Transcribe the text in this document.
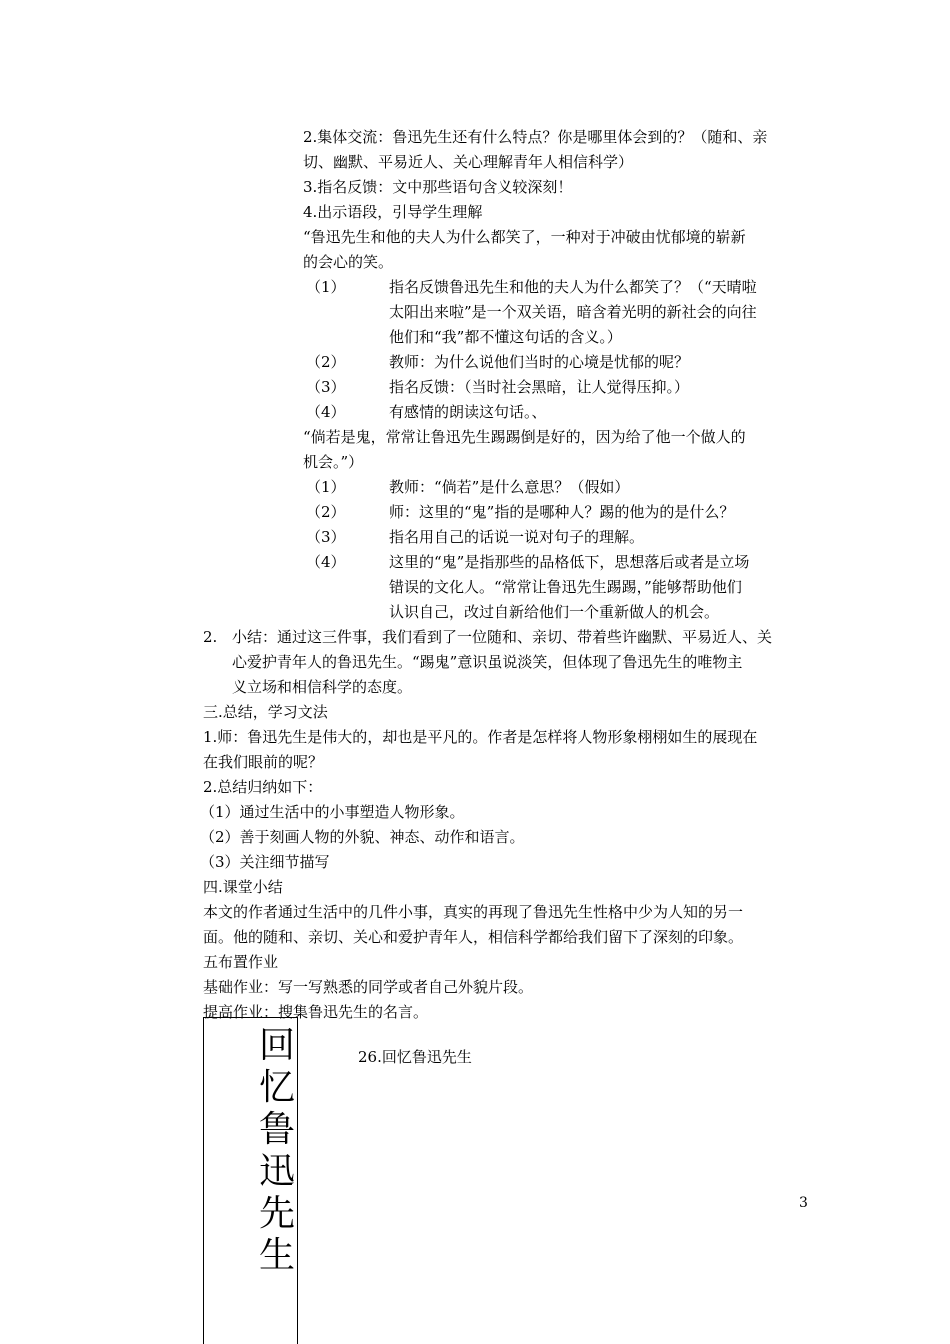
2.集体交流：鲁迅先生还有什么特点？你是哪里体会到的？（随和、亲
切、幽默、平易近人、关心理解青年人相信科学）
3.指名反馈：文中那些语句含义较深刻！
4.出示语段，引导学生理解
“鲁迅先生和他的夫人为什么都笑了，一种对于冲破由忧郁境的崭新
的会心的笑。
（1）	指名反馈鲁迅先生和他的夫人为什么都笑了？（“天晴啦
太阳出来啦”是一个双关语，暗含着光明的新社会的向往
他们和“我”都不懂这句话的含义。）
（2）	教师：为什么说他们当时的心境是忧郁的呢？
（3）	指名反馈：（当时社会黑暗，让人觉得压抑。）
（4）	有感情的朗读这句话。、
“倘若是鬼，常常让鲁迅先生踢踢倒是好的，因为给了他一个做人的
机会。”）
（1）	教师：“倘若”是什么意思？（假如）
（2）	师：这里的“鬼”指的是哪种人？踢的他为的是什么？
（3）	指名用自己的话说一说对句子的理解。
（4）	这里的“鬼”是指那些的品格低下，思想落后或者是立场
错误的文化人。“常常让鲁迅先生踢踢，”能够帮助他们
认识自己，改过自新给他们一个重新做人的机会。
2. 小结：通过这三件事，我们看到了一位随和、亲切、带着些许幽默、平易近人、关
心爱护青年人的鲁迅先生。“踢鬼”意识虽说淡笑，但体现了鲁迅先生的唯物主
义立场和相信科学的态度。
三.总结，学习文法
1.师：鲁迅先生是伟大的，却也是平凡的。作者是怎样将人物形象栩栩如生的展现在
在我们眼前的呢？
2.总结归纳如下：
（1）通过生活中的小事塑造人物形象。
（2）善于刻画人物的外貌、神态、动作和语言。
（3）关注细节描写
四.课堂小结
本文的作者通过生活中的几件小事，真实的再现了鲁迅先生性格中少为人知的另一
面。他的随和、亲切、关心和爱护青年人，相信科学都给我们留下了深刻的印象。
五布置作业
基础作业：写一写熟悉的同学或者自己外貌片段。
提高作业：搜集鲁迅先生的名言。
回
忆
鲁
迅
先
生
26.回忆鲁迅先生
3
